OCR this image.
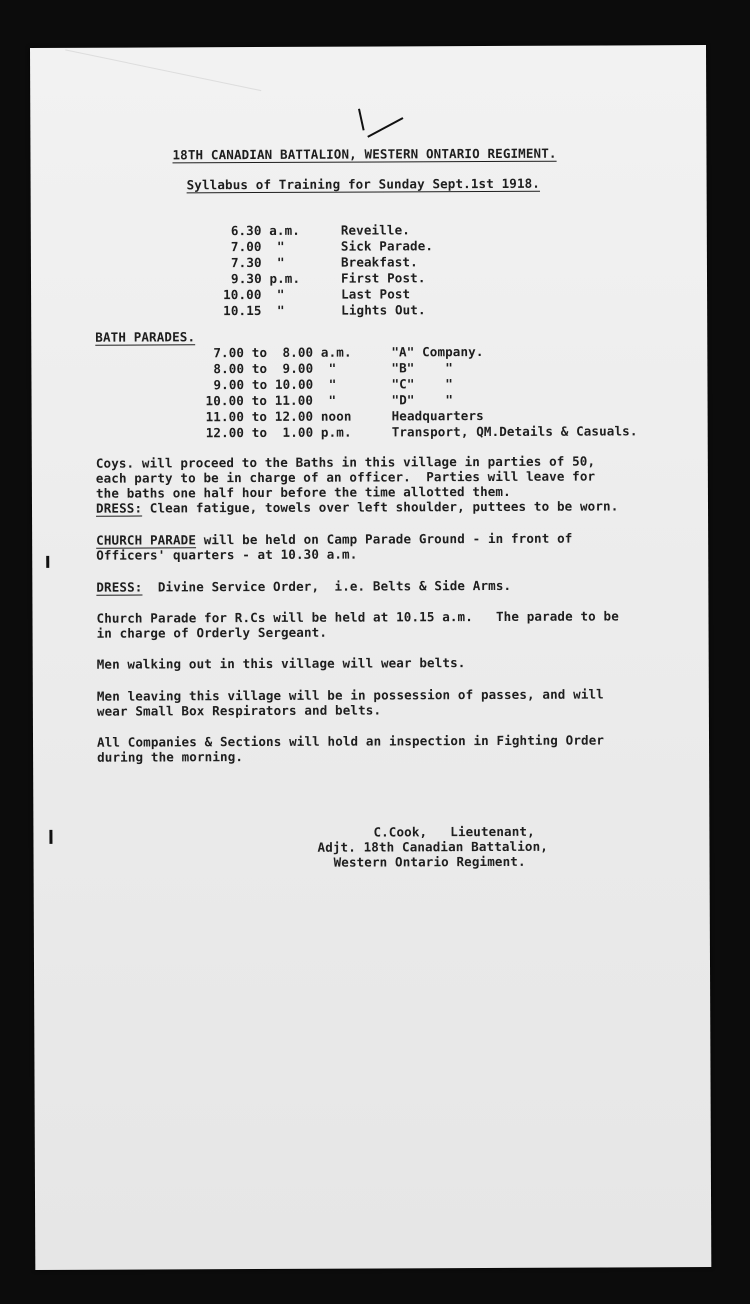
18TH CANADIAN BATTALION, WESTERN ONTARIO REGIMENT.
Syllabus of Training for Sunday Sept.1st 1918.
6.30 a.m.	Reveille.
7.00  "	Sick Parade.
7.30  "	Breakfast.
9.30 p.m.	First Post.
10.00  "	Last Post
10.15  "	Lights Out.
BATH PARADES.
7.00 to  8.00 a.m.	"A" Company.
8.00 to  9.00  "	"B"    "
9.00 to 10.00  "	"C"    "
10.00 to 11.00  "	"D"    "
11.00 to 12.00 noon	Headquarters
12.00 to  1.00 p.m.	Transport, QM.Details & Casuals.
Coys. will proceed to the Baths in this village in parties of 50,
each party to be in charge of an officer.  Parties will leave for
the baths one half hour before the time allotted them.
DRESS: Clean fatigue, towels over left shoulder, puttees to be worn.
CHURCH PARADE will be held on Camp Parade Ground - in front of
Officers' quarters - at 10.30 a.m.
DRESS:  Divine Service Order,  i.e. Belts & Side Arms.
Church Parade for R.Cs will be held at 10.15 a.m.   The parade to be
in charge of Orderly Sergeant.
Men walking out in this village will wear belts.
Men leaving this village will be in possession of passes, and will
wear Small Box Respirators and belts.
All Companies & Sections will hold an inspection in Fighting Order
during the morning.
C.Cook,   Lieutenant,
Adjt. 18th Canadian Battalion,
Western Ontario Regiment.
